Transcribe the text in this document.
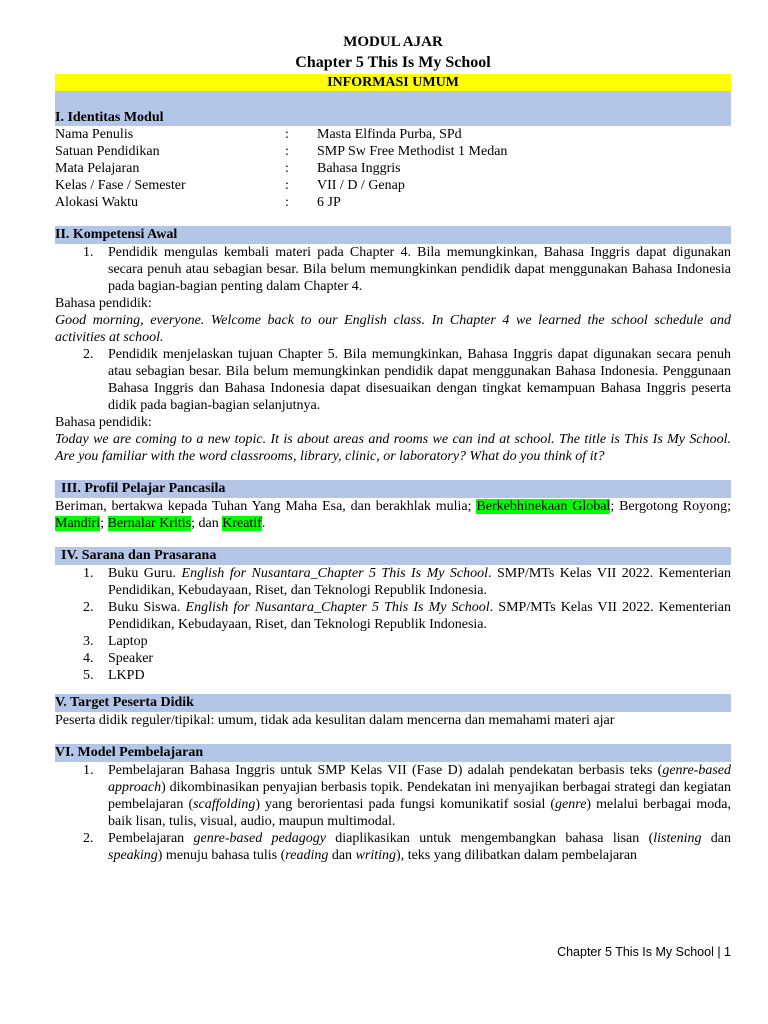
MODUL AJAR
Chapter 5 This Is My School
INFORMASI UMUM
I. Identitas Modul
Nama Penulis	:	Masta Elfinda Purba, SPd
Satuan Pendidikan	:	SMP Sw Free Methodist 1 Medan
Mata Pelajaran	:	Bahasa Inggris
Kelas / Fase / Semester	:	VII / D / Genap
Alokasi Waktu	:	6 JP
II. Kompetensi Awal
1. Pendidik mengulas kembali materi pada Chapter 4. Bila memungkinkan, Bahasa Inggris dapat digunakan secara penuh atau sebagian besar. Bila belum memungkinkan pendidik dapat menggunakan Bahasa Indonesia pada bagian-bagian penting dalam Chapter 4.
Bahasa pendidik:
Good morning, everyone. Welcome back to our English class. In Chapter 4 we learned the school schedule and activities at school.
2. Pendidik menjelaskan tujuan Chapter 5. Bila memungkinkan, Bahasa Inggris dapat digunakan secara penuh atau sebagian besar. Bila belum memungkinkan pendidik dapat menggunakan Bahasa Indonesia. Penggunaan Bahasa Inggris dan Bahasa Indonesia dapat disesuaikan dengan tingkat kemampuan Bahasa Inggris peserta didik pada bagian-bagian selanjutnya.
Bahasa pendidik:
Today we are coming to a new topic. It is about areas and rooms we can ind at school. The title is This Is My School. Are you familiar with the word classrooms, library, clinic, or laboratory? What do you think of it?
III. Profil Pelajar Pancasila
Beriman, bertakwa kepada Tuhan Yang Maha Esa, dan berakhlak mulia; Berkebhinekaan Global; Bergotong Royong; Mandiri; Bernalar Kritis; dan Kreatif.
IV. Sarana dan Prasarana
1. Buku Guru. English for Nusantara_Chapter 5 This Is My School. SMP/MTs Kelas VII 2022. Kementerian Pendidikan, Kebudayaan, Riset, dan Teknologi Republik Indonesia.
2. Buku Siswa. English for Nusantara_Chapter 5 This Is My School. SMP/MTs Kelas VII 2022. Kementerian Pendidikan, Kebudayaan, Riset, dan Teknologi Republik Indonesia.
3. Laptop
4. Speaker
5. LKPD
V. Target Peserta Didik
Peserta didik reguler/tipikal: umum, tidak ada kesulitan dalam mencerna dan memahami materi ajar
VI. Model Pembelajaran
1. Pembelajaran Bahasa Inggris untuk SMP Kelas VII (Fase D) adalah pendekatan berbasis teks (genre-based approach) dikombinasikan penyajian berbasis topik. Pendekatan ini menyajikan berbagai strategi dan kegiatan pembelajaran (scaffolding) yang berorientasi pada fungsi komunikatif sosial (genre) melalui berbagai moda, baik lisan, tulis, visual, audio, maupun multimodal.
2. Pembelajaran genre-based pedagogy diaplikasikan untuk mengembangkan bahasa lisan (listening dan speaking) menuju bahasa tulis (reading dan writing), teks yang dilibatkan dalam pembelajaran
Chapter 5 This Is My School | 1
